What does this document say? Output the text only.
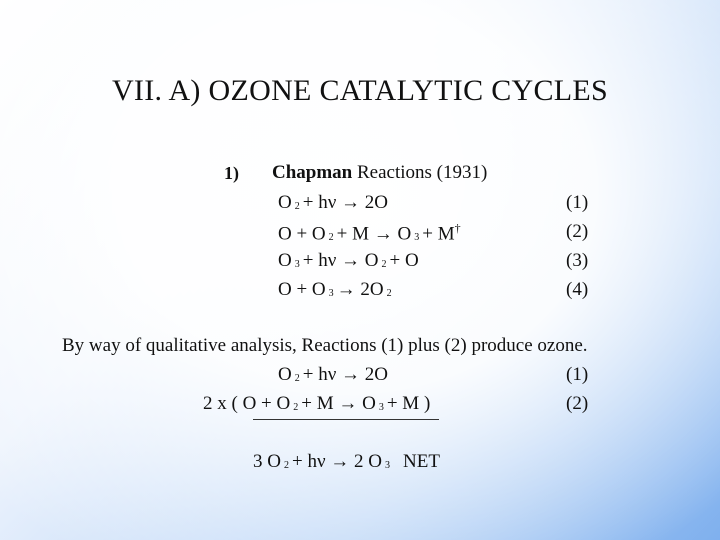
VII. A) OZONE CATALYTIC CYCLES
1) Chapman Reactions (1931)
O $_2$ + hν → 2O	(1)
O + O $_2$ + M → O $_3$ + M†	(2)
O $_3$ + hν → O $_2$ + O	(3)
O + O $_3$ → 2O $_2$	(4)
By way of qualitative analysis, Reactions (1) plus (2) produce ozone.
O $_2$ + hν → 2O	(1)
2 x ( O + O $_2$ + M → O $_3$ + M )	(2)
3 O $_2$ + hν → 2 O $_3$ NET
